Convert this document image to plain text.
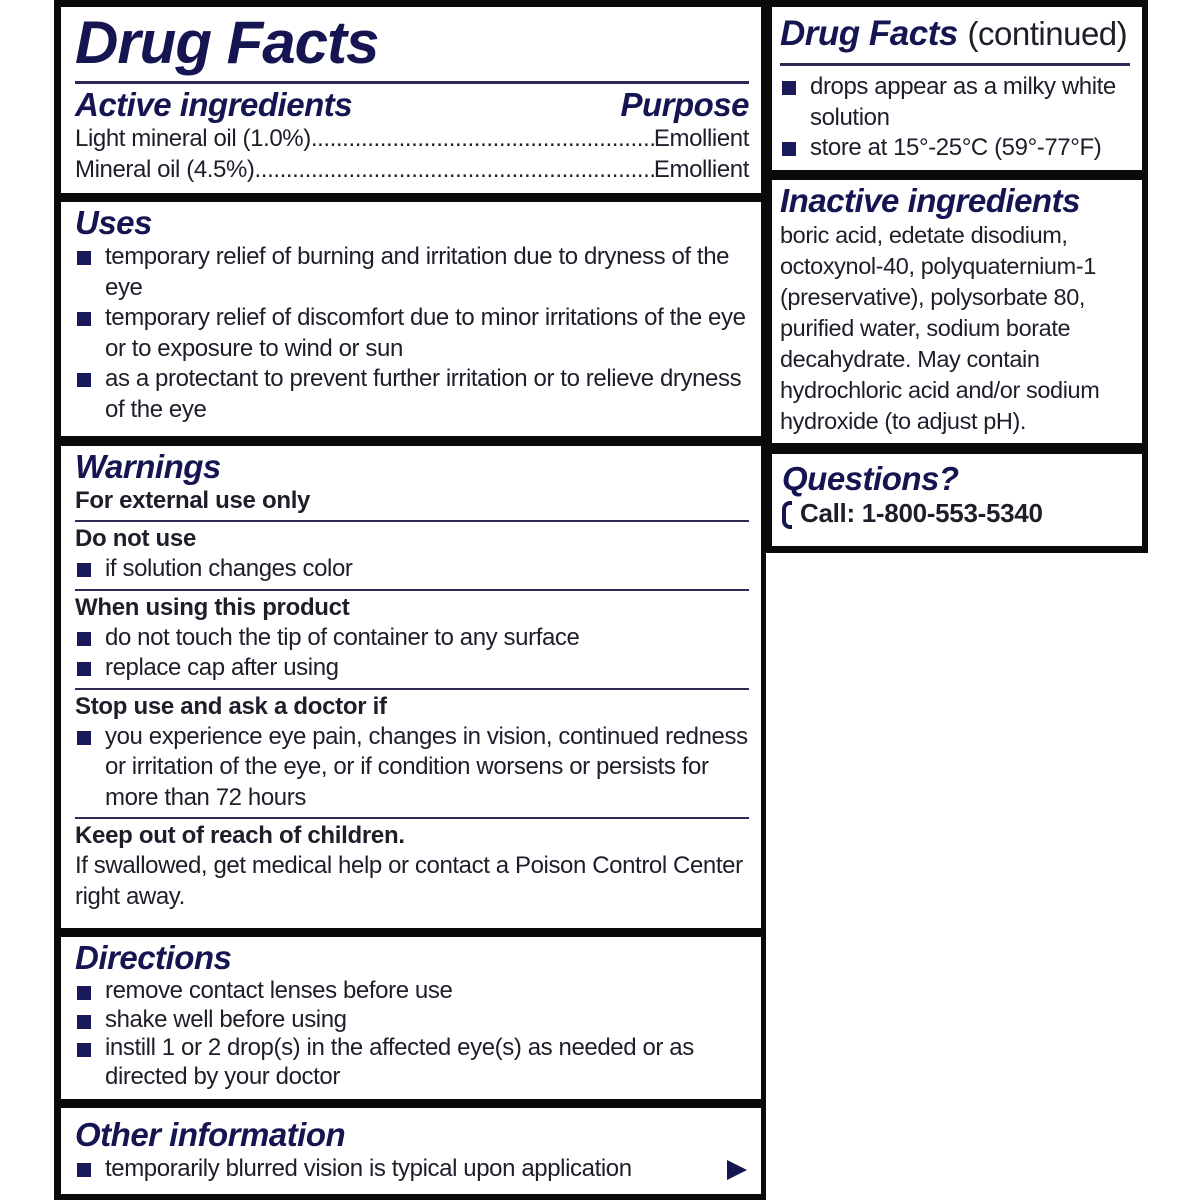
Drug Facts
Active ingredients	Purpose
Light mineral oil (1.0%) .....	Emollient
Mineral oil (4.5%) .....	Emollient
Uses
temporary relief of burning and irritation due to dryness of the eye
temporary relief of discomfort due to minor irritations of the eye or to exposure to wind or sun
as a protectant to prevent further irritation or to relieve dryness of the eye
Warnings
For external use only
Do not use
if solution changes color
When using this product
do not touch the tip of container to any surface
replace cap after using
Stop use and ask a doctor if
you experience eye pain, changes in vision, continued redness or irritation of the eye, or if condition worsens or persists for more than 72 hours
Keep out of reach of children.
If swallowed, get medical help or contact a Poison Control Center right away.
Directions
remove contact lenses before use
shake well before using
instill 1 or 2 drop(s) in the affected eye(s) as needed or as directed by your doctor
Other information
temporarily blurred vision is typical upon application
Drug Facts (continued)
drops appear as a milky white solution
store at 15°-25°C (59°-77°F)
Inactive ingredients
boric acid, edetate disodium, octoxynol-40, polyquaternium-1 (preservative), polysorbate 80, purified water, sodium borate decahydrate. May contain hydrochloric acid and/or sodium hydroxide (to adjust pH).
Questions?
Call: 1-800-553-5340
